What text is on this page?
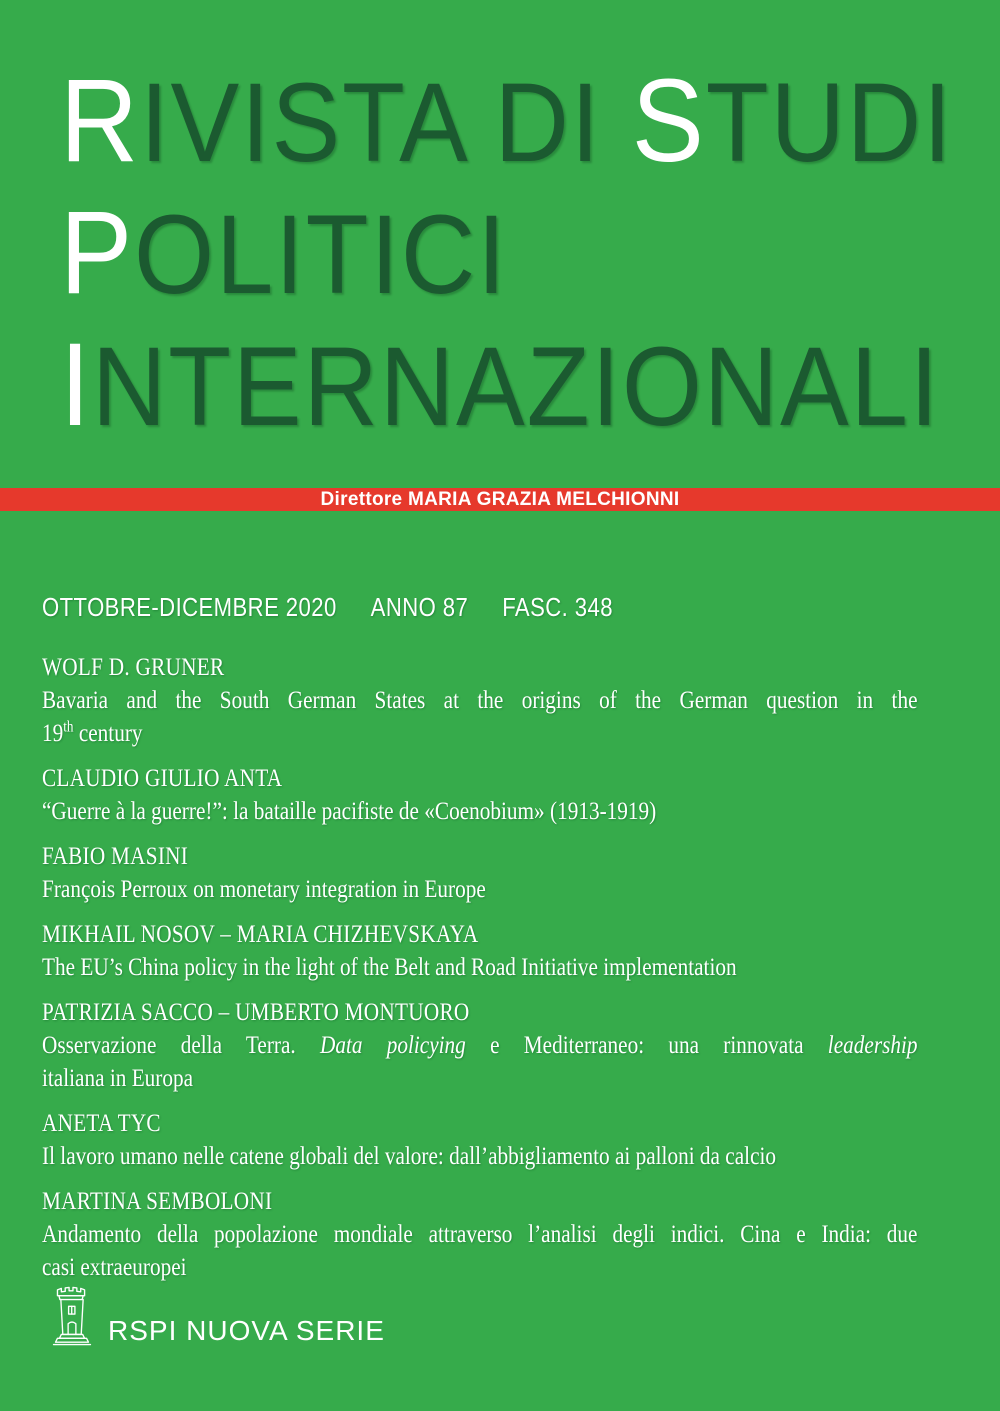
RIVISTA DI STUDI
POLITICI
INTERNAZIONALI
Direttore MARIA GRAZIA MELCHIONNI
OTTOBRE-DICEMBRE 2020 ANNO 87 FASC. 348
WOLF D. GRUNER
Bavaria and the South German States at the origins of the German question in the
19th century
CLAUDIO GIULIO ANTA
“Guerre à la guerre!”: la bataille pacifiste de «Coenobium» (1913-1919)
FABIO MASINI
François Perroux on monetary integration in Europe
MIKHAIL NOSOV – MARIA CHIZHEVSKAYA
The EU’s China policy in the light of the Belt and Road Initiative implementation
PATRIZIA SACCO – UMBERTO MONTUORO
Osservazione della Terra. Data policying e Mediterraneo: una rinnovata leadership
italiana in Europa
ANETA TYC
Il lavoro umano nelle catene globali del valore: dall’abbigliamento ai palloni da calcio
MARTINA SEMBOLONI
Andamento della popolazione mondiale attraverso l’analisi degli indici. Cina e India: due
casi extraeuropei
RSPI NUOVA SERIE
